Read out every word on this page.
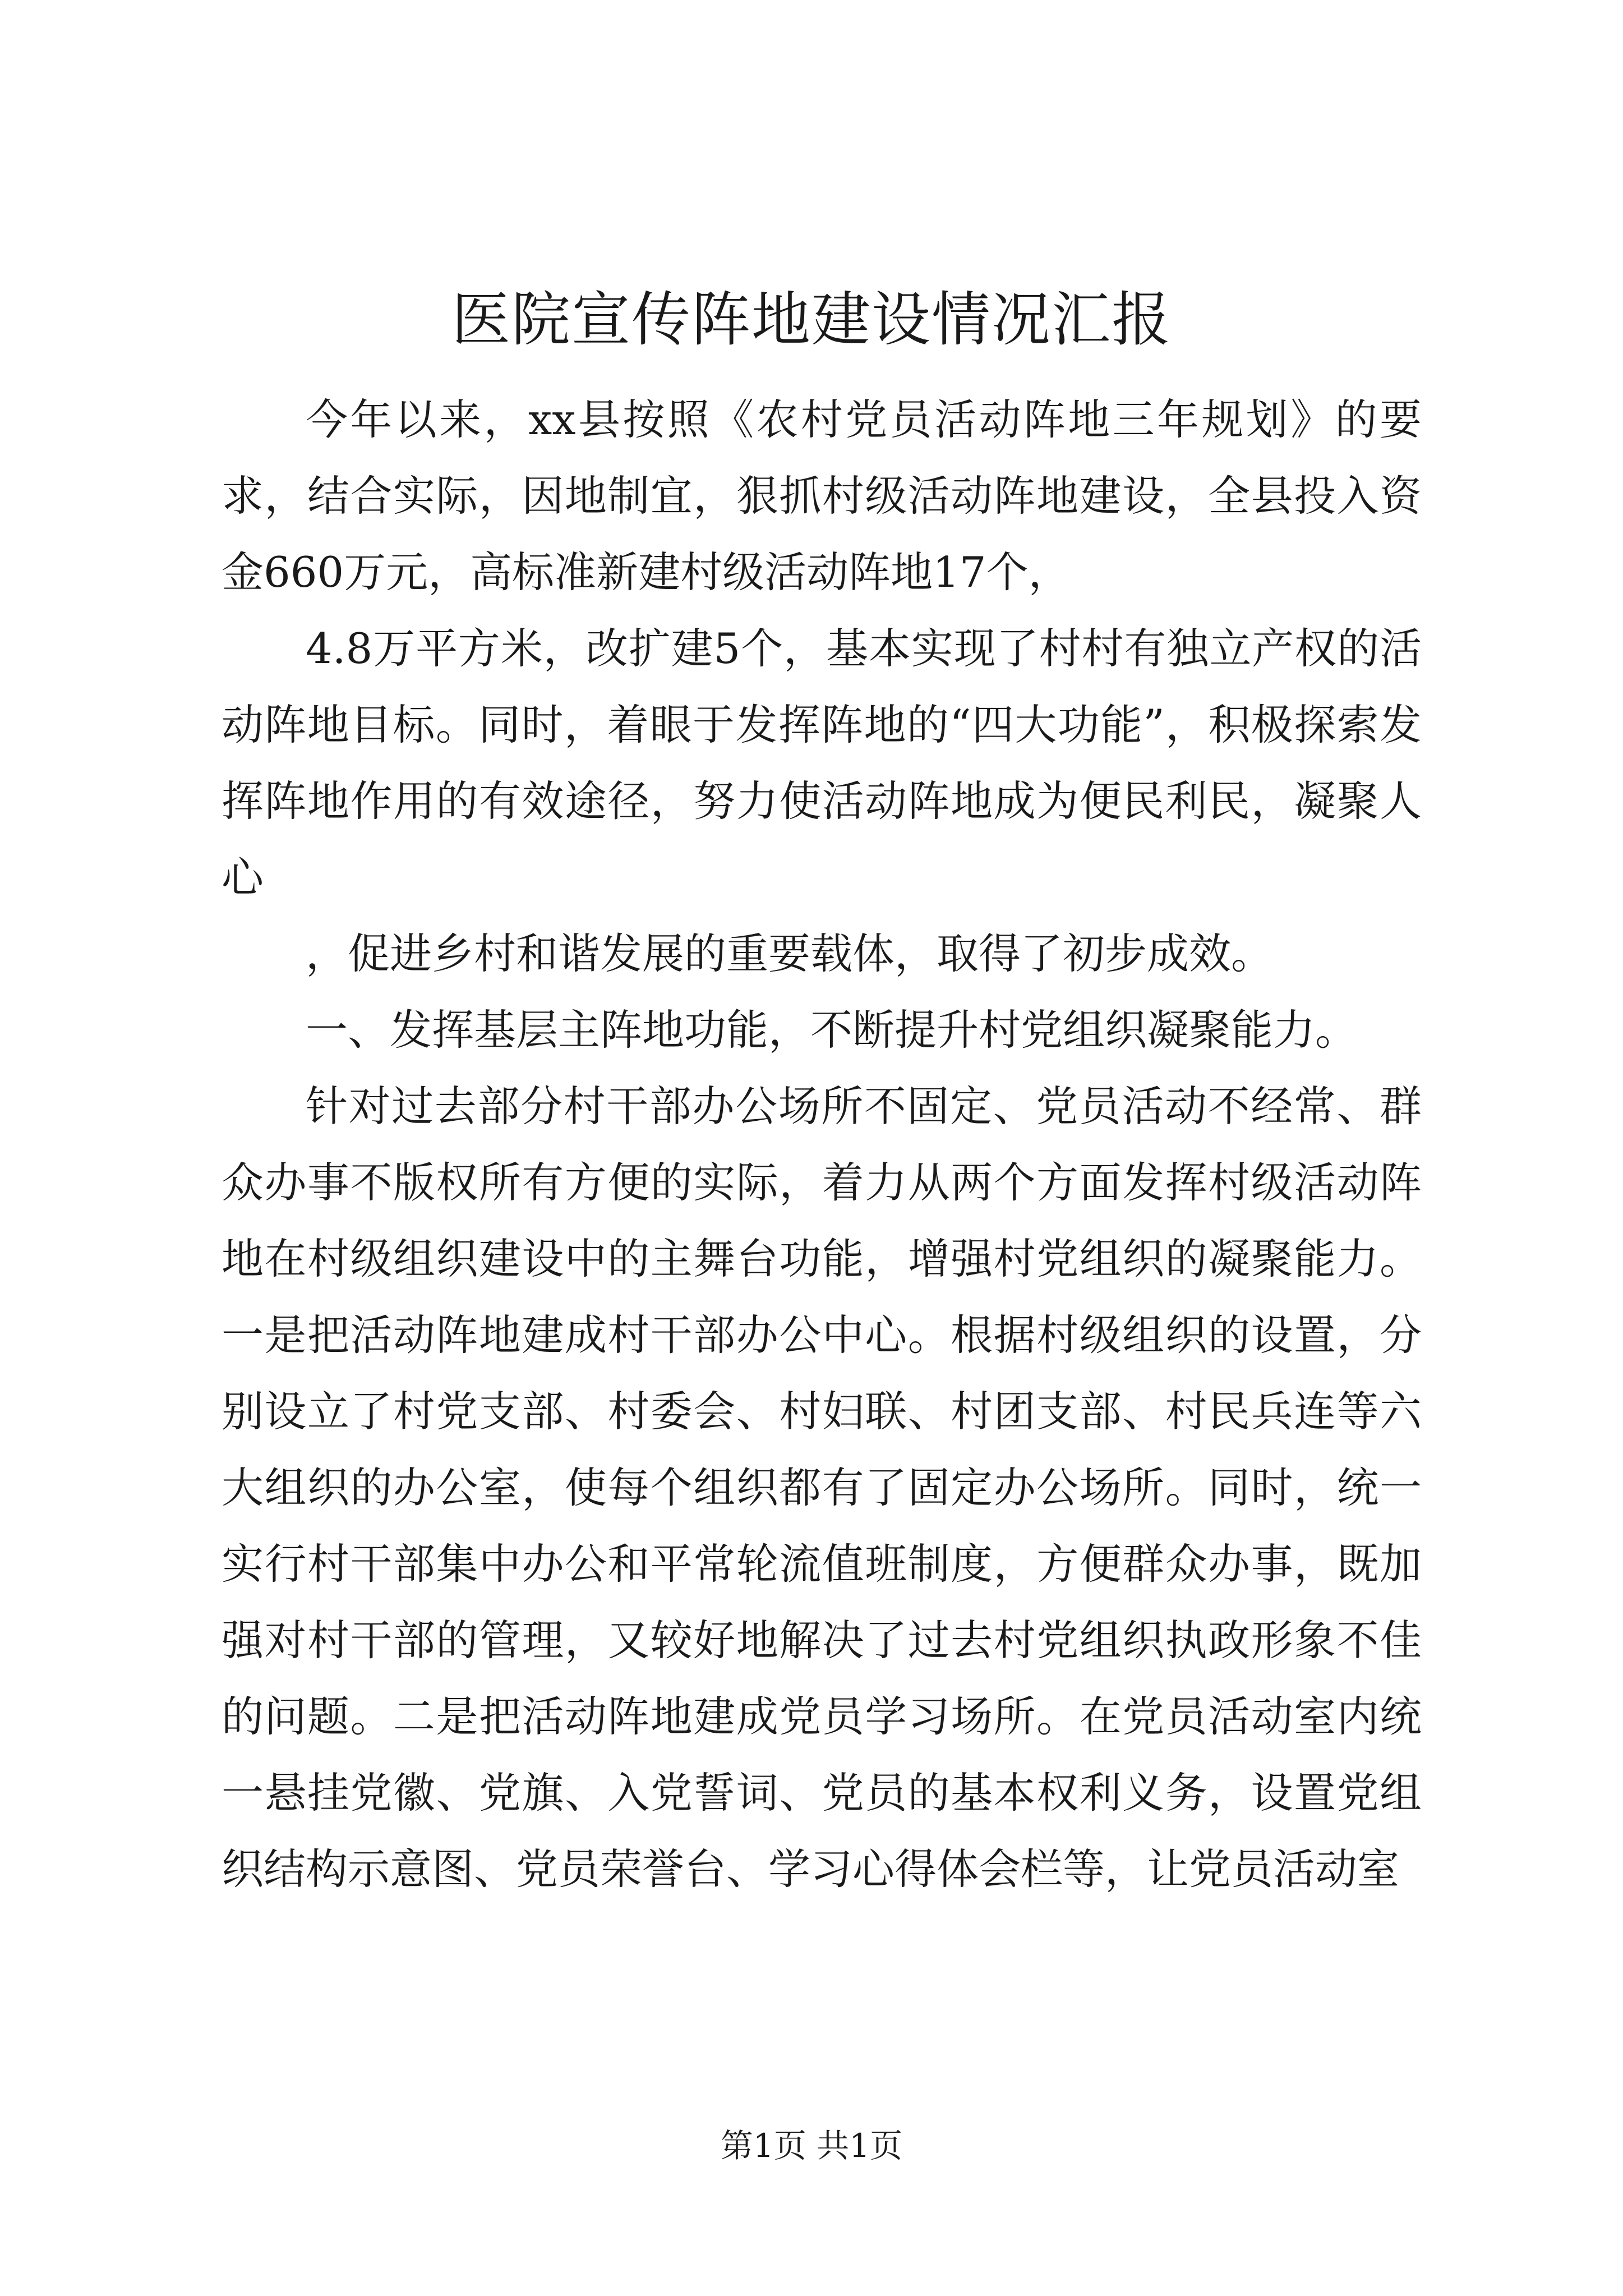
医院宣传阵地建设情况汇报

今年以来，xx县按照《农村党员活动阵地三年规划》的要求，结合实际，因地制宜，狠抓村级活动阵地建设，全县投入资金660万元，高标准新建村级活动阵地17个，

4.8万平方米，改扩建5个，基本实现了村村有独立产权的活动阵地目标。同时，着眼于发挥阵地的“四大功能”，积极探索发挥阵地作用的有效途径，努力使活动阵地成为便民利民，凝聚人心

，促进乡村和谐发展的重要载体，取得了初步成效。

一、发挥基层主阵地功能，不断提升村党组织凝聚能力。

针对过去部分村干部办公场所不固定、党员活动不经常、群众办事不版权所有方便的实际，着力从两个方面发挥村级活动阵地在村级组织建设中的主舞台功能，增强村党组织的凝聚能力。一是把活动阵地建成村干部办公中心。根据村级组织的设置，分别设立了村党支部、村委会、村妇联、村团支部、村民兵连等六大组织的办公室，使每个组织都有了固定办公场所。同时，统一实行村干部集中办公和平常轮流值班制度，方便群众办事，既加强对村干部的管理，又较好地解决了过去村党组织执政形象不佳的问题。二是把活动阵地建成党员学习场所。在党员活动室内统一悬挂党徽、党旗、入党誓词、党员的基本权利义务，设置党组织结构示意图、党员荣誉台、学习心得体会栏等，让党员活动室

第1页 共1页
